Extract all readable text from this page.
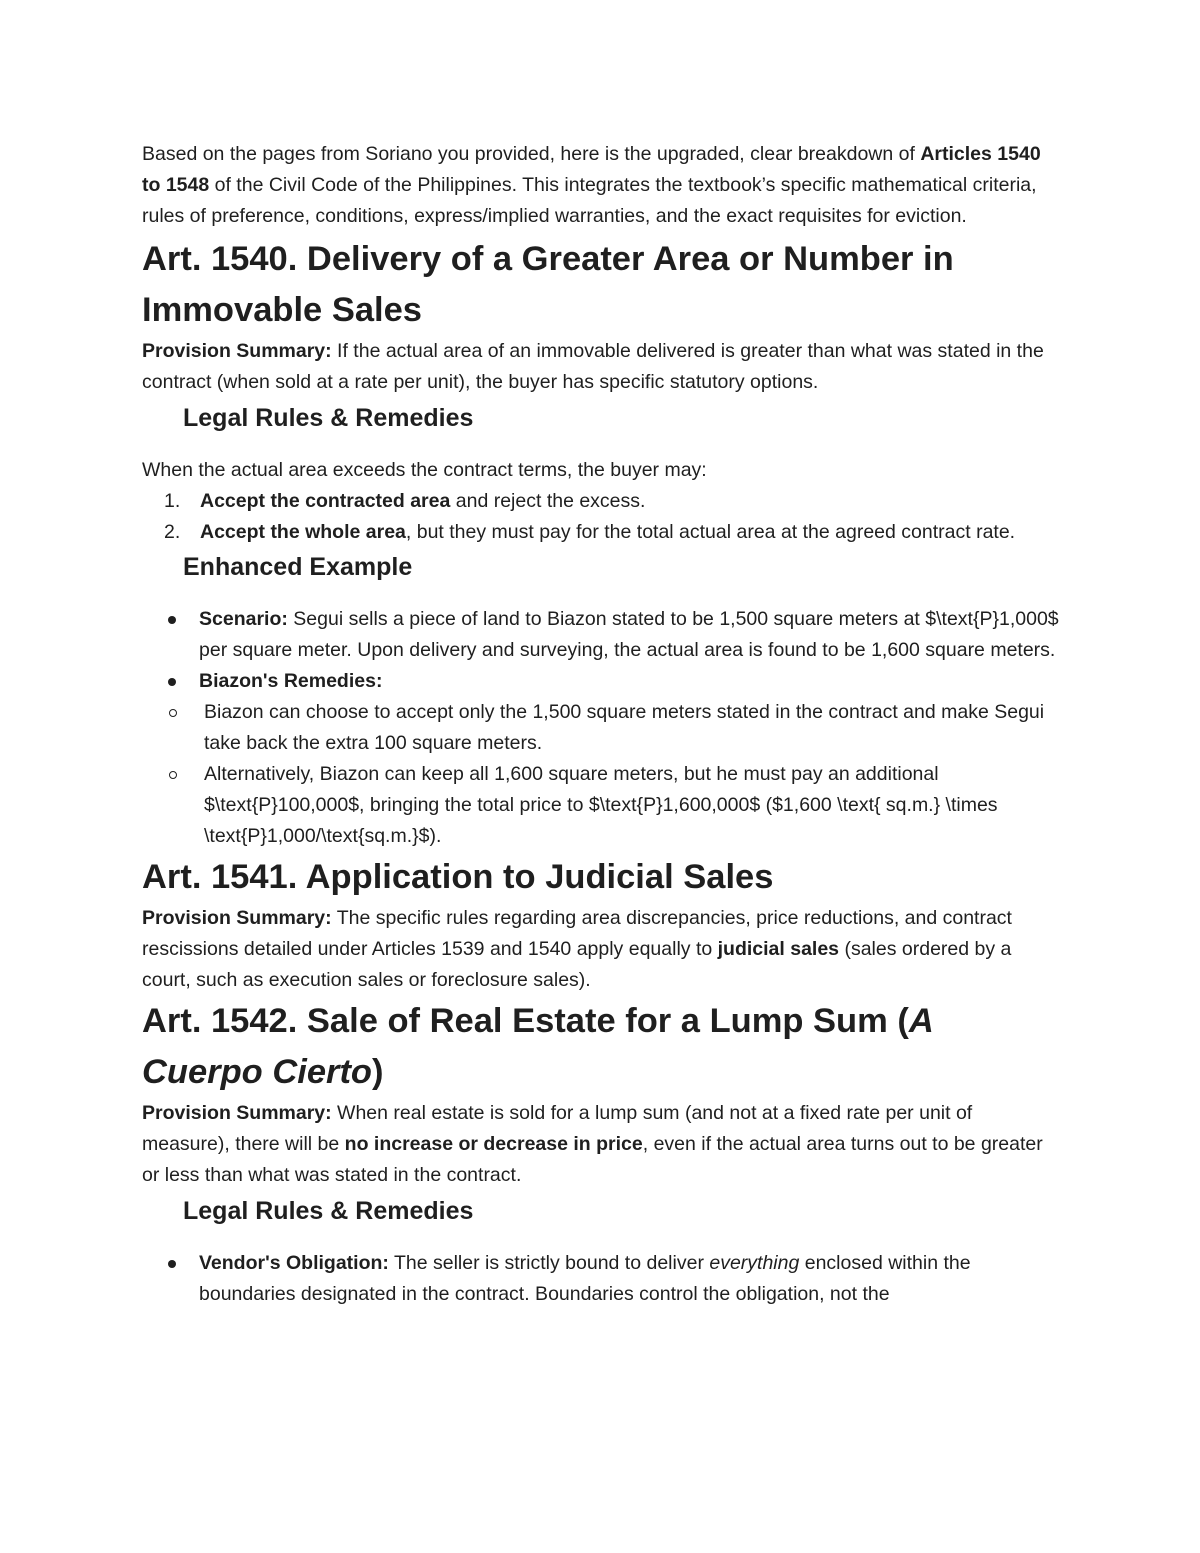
Based on the pages from Soriano you provided, here is the upgraded, clear breakdown of Articles 1540 to 1548 of the Civil Code of the Philippines. This integrates the textbook’s specific mathematical criteria, rules of preference, conditions, express/implied warranties, and the exact requisites for eviction.

Art. 1540. Delivery of a Greater Area or Number in Immovable Sales

Provision Summary: If the actual area of an immovable delivered is greater than what was stated in the contract (when sold at a rate per unit), the buyer has specific statutory options.

Legal Rules & Remedies

When the actual area exceeds the contract terms, the buyer may:

1. Accept the contracted area and reject the excess.
2. Accept the whole area, but they must pay for the total actual area at the agreed contract rate.
Enhanced Example
Scenario: Segui sells a piece of land to Biazon stated to be 1,500 square meters at $\text{P}1,000$ per square meter. Upon delivery and surveying, the actual area is found to be 1,600 square meters.
Biazon's Remedies:
Biazon can choose to accept only the 1,500 square meters stated in the contract and make Segui take back the extra 100 square meters.
Alternatively, Biazon can keep all 1,600 square meters, but he must pay an additional $\text{P}100,000$, bringing the total price to $\text{P}1,600,000$ ($1,600 \text{ sq.m.} \times \text{P}1,000/\text{sq.m.}$).
Art. 1541. Application to Judicial Sales

Provision Summary: The specific rules regarding area discrepancies, price reductions, and contract rescissions detailed under Articles 1539 and 1540 apply equally to judicial sales (sales ordered by a court, such as execution sales or foreclosure sales).

Art. 1542. Sale of Real Estate for a Lump Sum (A Cuerpo Cierto)

Provision Summary: When real estate is sold for a lump sum (and not at a fixed rate per unit of measure), there will be no increase or decrease in price, even if the actual area turns out to be greater or less than what was stated in the contract.

Legal Rules & Remedies
Vendor's Obligation: The seller is strictly bound to deliver everything enclosed within the boundaries designated in the contract. Boundaries control the obligation, not the
